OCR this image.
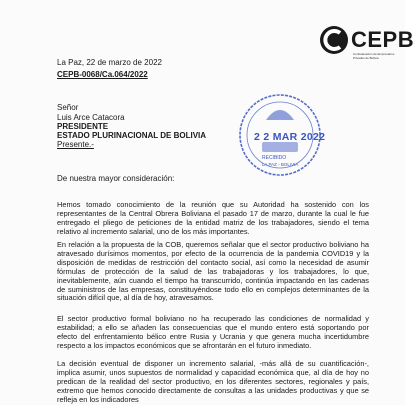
CEPB
Confederación de Empresarios Privados de Bolivia
La Paz, 22 de marzo de 2022
CEPB-0068/Ca.064/2022
Señor
Luis Arce Catacora
PRESIDENTE
ESTADO PLURINACIONAL DE BOLIVIA
Presente.-
2 2 MAR 2022
RECIBIDO
LA PAZ - BOLIVIA
De nuestra mayor consideración:
Hemos tomado conocimiento de la reunión que su Autoridad ha sostenido con los representantes de la Central Obrera Boliviana el pasado 17 de marzo, durante la cual le fue entregado el pliego de peticiones de la entidad matriz de los trabajadores, siendo el tema relativo al incremento salarial, uno de los más importantes.
En relación a la propuesta de la COB, queremos señalar que el sector productivo boliviano ha atravesado durísimos momentos, por efecto de la ocurrencia de la pandemia COVID19 y la disposición de medidas de restricción del contacto social, así como la necesidad de asumir fórmulas de protección de la salud de las trabajadoras y los trabajadores, lo que, inevitablemente, aún cuando el tiempo ha transcurrido, continúa impactando en las cadenas de suministros de las empresas, constituyéndose todo ello en complejos determinantes de la situación difícil que, al día de hoy, atravesamos.
El sector productivo formal boliviano no ha recuperado las condiciones de normalidad y estabilidad; a ello se añaden las consecuencias que el mundo entero está soportando por efecto del enfrentamiento bélico entre Rusia y Ucrania y que genera mucha incertidumbre respecto a los impactos económicos que se afrontarán en el futuro inmediato.
La decisión eventual de disponer un incremento salarial, -más allá de su cuantificación-, implica asumir, unos supuestos de normalidad y capacidad económica que, al día de hoy no predican de la realidad del sector productivo, en los diferentes sectores, regionales y país, extremo que hemos conocido directamente de consultas a las unidades productivas y que se refleja en los indicadores
